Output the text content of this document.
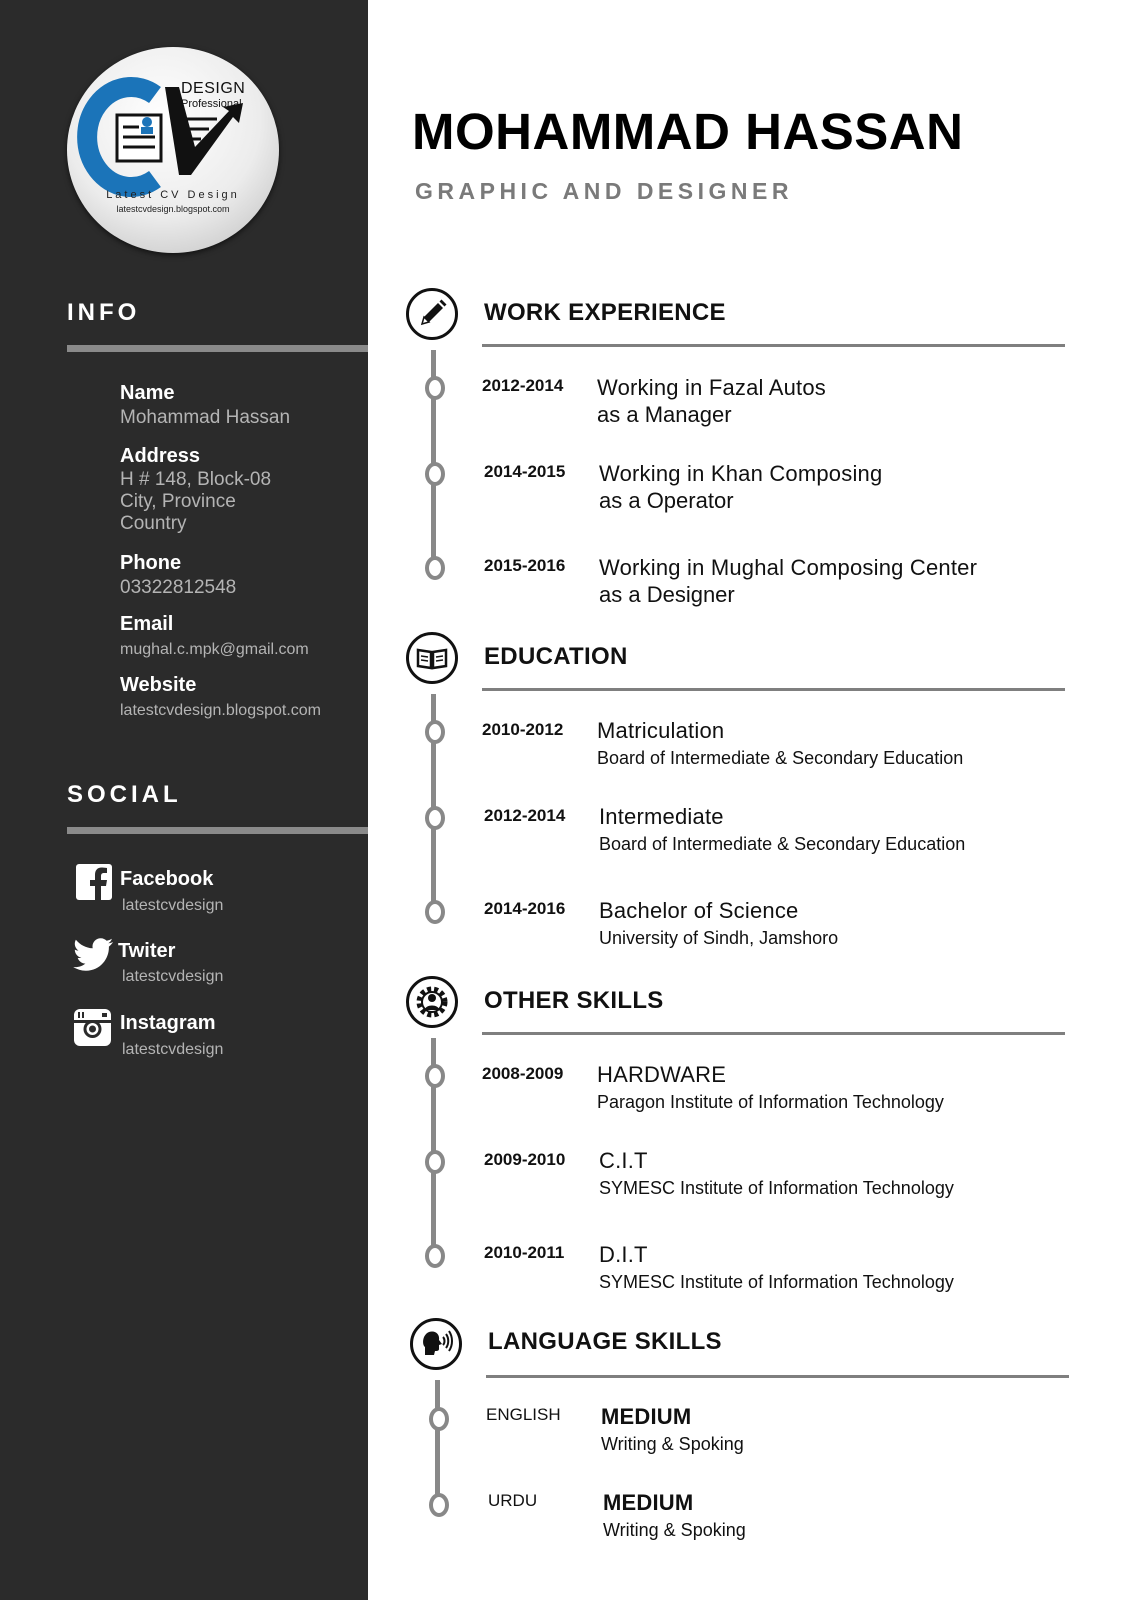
DESIGN
Professional
Latest CV Design
latestcvdesign.blogspot.com
INFO
Name
Mohammad Hassan
Address
H # 148, Block-08
City, Province
Country
Phone
03322812548
Email
mughal.c.mpk@gmail.com
Website
latestcvdesign.blogspot.com
SOCIAL
Facebook
latestcvdesign
Twiter
latestcvdesign
Instagram
latestcvdesign
MOHAMMAD HASSAN
GRAPHIC AND DESIGNER
WORK EXPERIENCE
2012-2014 Working in Fazal Autos
as a Manager
2014-2015 Working in Khan Composing
as a Operator
2015-2016 Working in Mughal Composing Center
as a Designer
EDUCATION
2010-2012 Matriculation
Board of Intermediate & Secondary Education
2012-2014 Intermediate
Board of Intermediate & Secondary Education
2014-2016 Bachelor of Science
University of Sindh, Jamshoro
OTHER SKILLS
2008-2009 HARDWARE
Paragon Institute of Information Technology
2009-2010 C.I.T
SYMESC Institute of Information Technology
2010-2011 D.I.T
SYMESC Institute of Information Technology
LANGUAGE SKILLS
ENGLISH MEDIUM
Writing & Spoking
URDU	MEDIUM
Writing & Spoking
